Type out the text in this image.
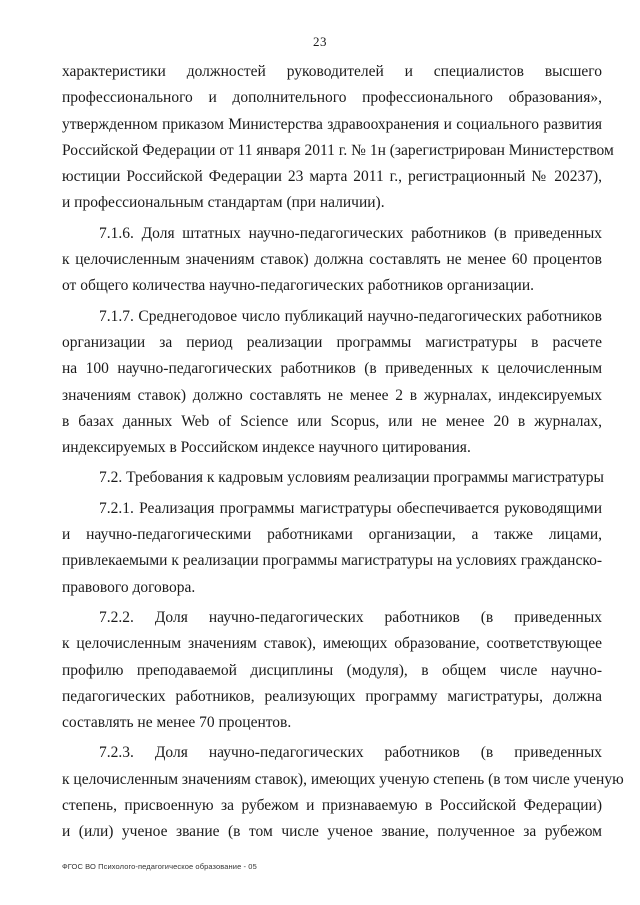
23
характеристики должностей руководителей и специалистов высшего
профессионального и дополнительного профессионального образования»,
утвержденном приказом Министерства здравоохранения и социального развития
Российской Федерации от 11 января 2011 г. № 1н (зарегистрирован Министерством
юстиции Российской Федерации 23 марта 2011 г., регистрационный № 20237),
и профессиональным стандартам (при наличии).
7.1.6. Доля штатных научно-педагогических работников (в приведенных
к целочисленным значениям ставок) должна составлять не менее 60 процентов
от общего количества научно-педагогических работников организации.
7.1.7. Среднегодовое число публикаций научно-педагогических работников
организации за период реализации программы магистратуры в расчете
на 100 научно-педагогических работников (в приведенных к целочисленным
значениям ставок) должно составлять не менее 2 в журналах, индексируемых
в базах данных Web of Science или Scopus, или не менее 20 в журналах,
индексируемых в Российском индексе научного цитирования.
7.2. Требования к кадровым условиям реализации программы магистратуры
7.2.1. Реализация программы магистратуры обеспечивается руководящими
и научно-педагогическими работниками организации, а также лицами,
привлекаемыми к реализации программы магистратуры на условиях гражданско-
правового договора.
7.2.2. Доля научно-педагогических работников (в приведенных
к целочисленным значениям ставок), имеющих образование, соответствующее
профилю преподаваемой дисциплины (модуля), в общем числе научно-
педагогических работников, реализующих программу магистратуры, должна
составлять не менее 70 процентов.
7.2.3. Доля научно-педагогических работников (в приведенных
к целочисленным значениям ставок), имеющих ученую степень (в том числе ученую
степень, присвоенную за рубежом и признаваемую в Российской Федерации)
и (или) ученое звание (в том числе ученое звание, полученное за рубежом
ФГОС ВО Психолого-педагогическое образование - 05
